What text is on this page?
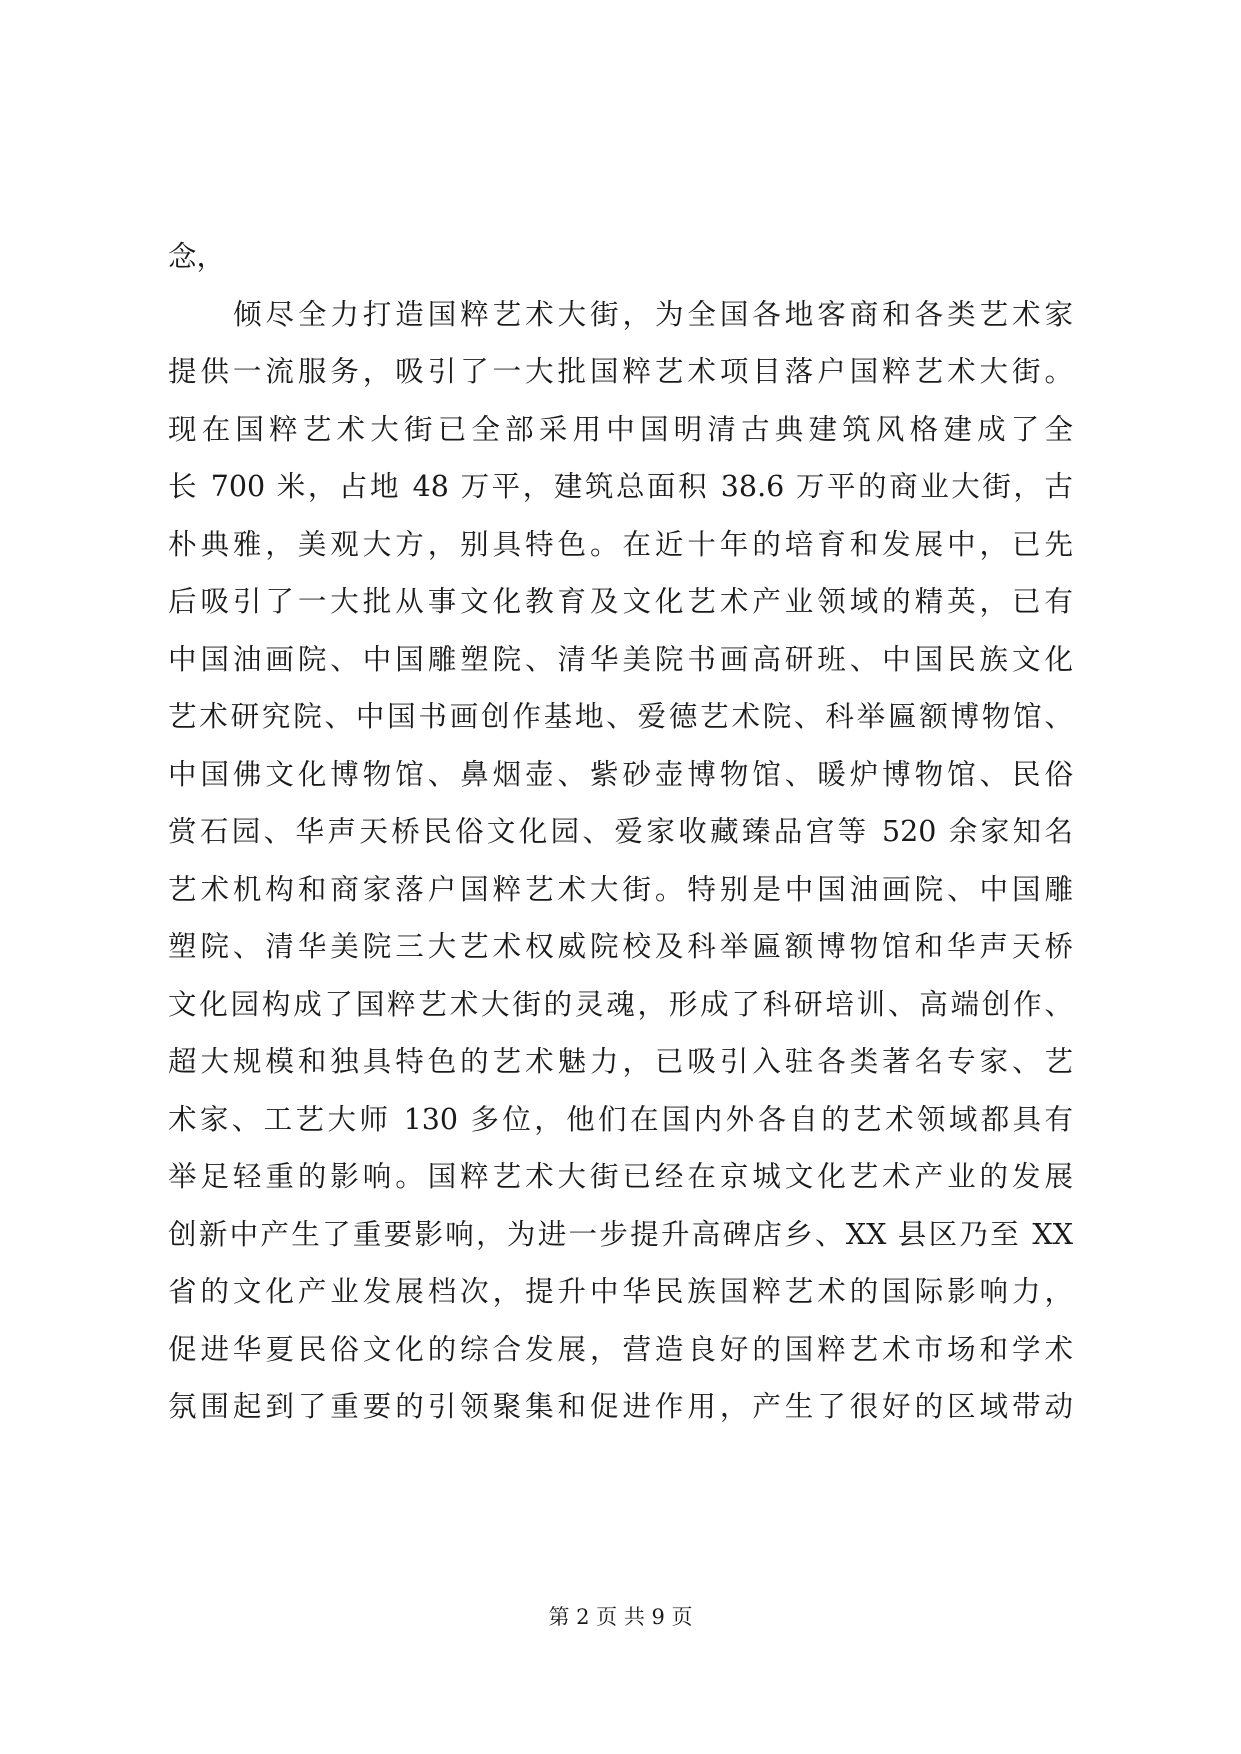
念，
倾尽全力打造国粹艺术大街，为全国各地客商和各类艺术家
提供一流服务，吸引了一大批国粹艺术项目落户国粹艺术大街。
现在国粹艺术大街已全部采用中国明清古典建筑风格建成了全
长 700 米，占地 48 万平，建筑总面积 38.6 万平的商业大街，古
朴典雅，美观大方，别具特色。在近十年的培育和发展中，已先
后吸引了一大批从事文化教育及文化艺术产业领域的精英，已有
中国油画院、中国雕塑院、清华美院书画高研班、中国民族文化
艺术研究院、中国书画创作基地、爱德艺术院、科举匾额博物馆、
中国佛文化博物馆、鼻烟壶、紫砂壶博物馆、暖炉博物馆、民俗
赏石园、华声天桥民俗文化园、爱家收藏臻品宫等 520 余家知名
艺术机构和商家落户国粹艺术大街。特别是中国油画院、中国雕
塑院、清华美院三大艺术权威院校及科举匾额博物馆和华声天桥
文化园构成了国粹艺术大街的灵魂，形成了科研培训、高端创作、
超大规模和独具特色的艺术魅力，已吸引入驻各类著名专家、艺
术家、工艺大师 130 多位，他们在国内外各自的艺术领域都具有
举足轻重的影响。国粹艺术大街已经在京城文化艺术产业的发展
创新中产生了重要影响，为进一步提升高碑店乡、XX 县区乃至 XX
省的文化产业发展档次，提升中华民族国粹艺术的国际影响力，
促进华夏民俗文化的综合发展，营造良好的国粹艺术市场和学术
氛围起到了重要的引领聚集和促进作用，产生了很好的区域带动
第 2 页 共 9 页
